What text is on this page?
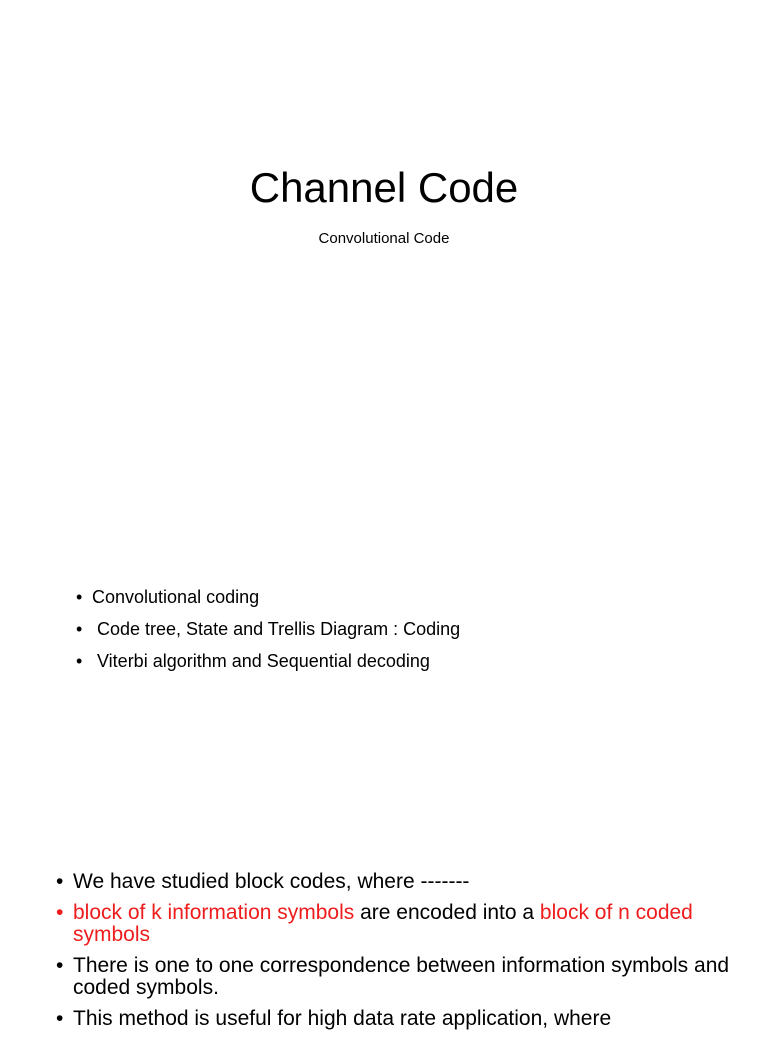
Channel Code

Convolutional Code

• Convolutional coding
• Code tree, State and Trellis Diagram : Coding
• Viterbi algorithm and Sequential decoding
• We have studied block codes, where -------
• block of k information symbols are encoded into a block of n coded symbols
• There is one to one correspondence between information symbols and coded symbols.
• This method is useful for high data rate application, where
